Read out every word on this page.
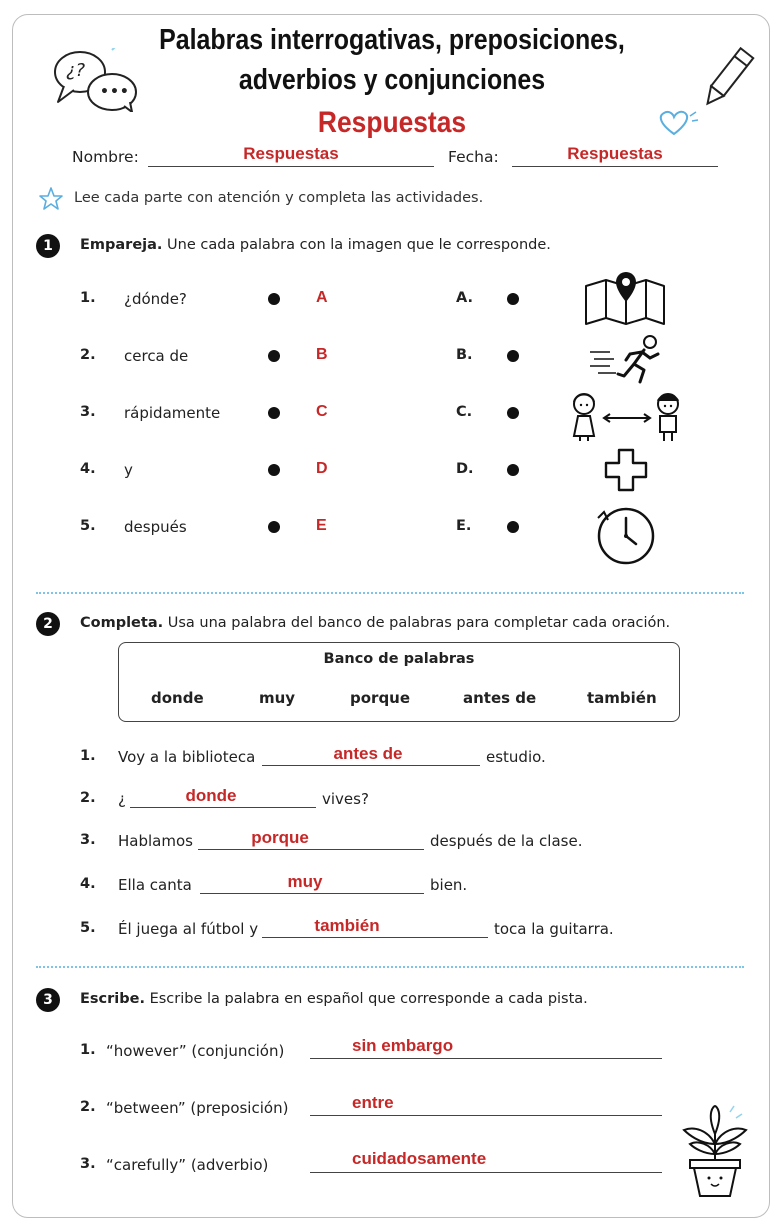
¿?
•••
Palabras interrogativas, preposiciones,
adverbios y conjunciones
Respuestas
Nombre:	Respuestas	Fecha:	Respuestas
Lee cada parte con atención y completa las actividades.
1	Empareja. Une cada palabra con la imagen que le corresponde.
1. ¿dónde?	A	A.
2. cerca de	B	B.
3. rápidamente	C	C.
4. y	D	D.
5. después	E	E.
2	Completa. Usa una palabra del banco de palabras para completar cada oración.
Banco de palabras
donde	muy	porque	antes de	también
1. Voy a la biblioteca	antes de	estudio.
2. ¿	donde	vives?
3. Hablamos	porque	después de la clase.
4. Ella canta	muy	bien.
5. Él juega al fútbol y	también	toca la guitarra.
3	Escribe. Escribe la palabra en español que corresponde a cada pista.
1. “however” (conjunción)	sin embargo
2. “between” (preposición)	entre
3. “carefully” (adverbio)	cuidadosamente
